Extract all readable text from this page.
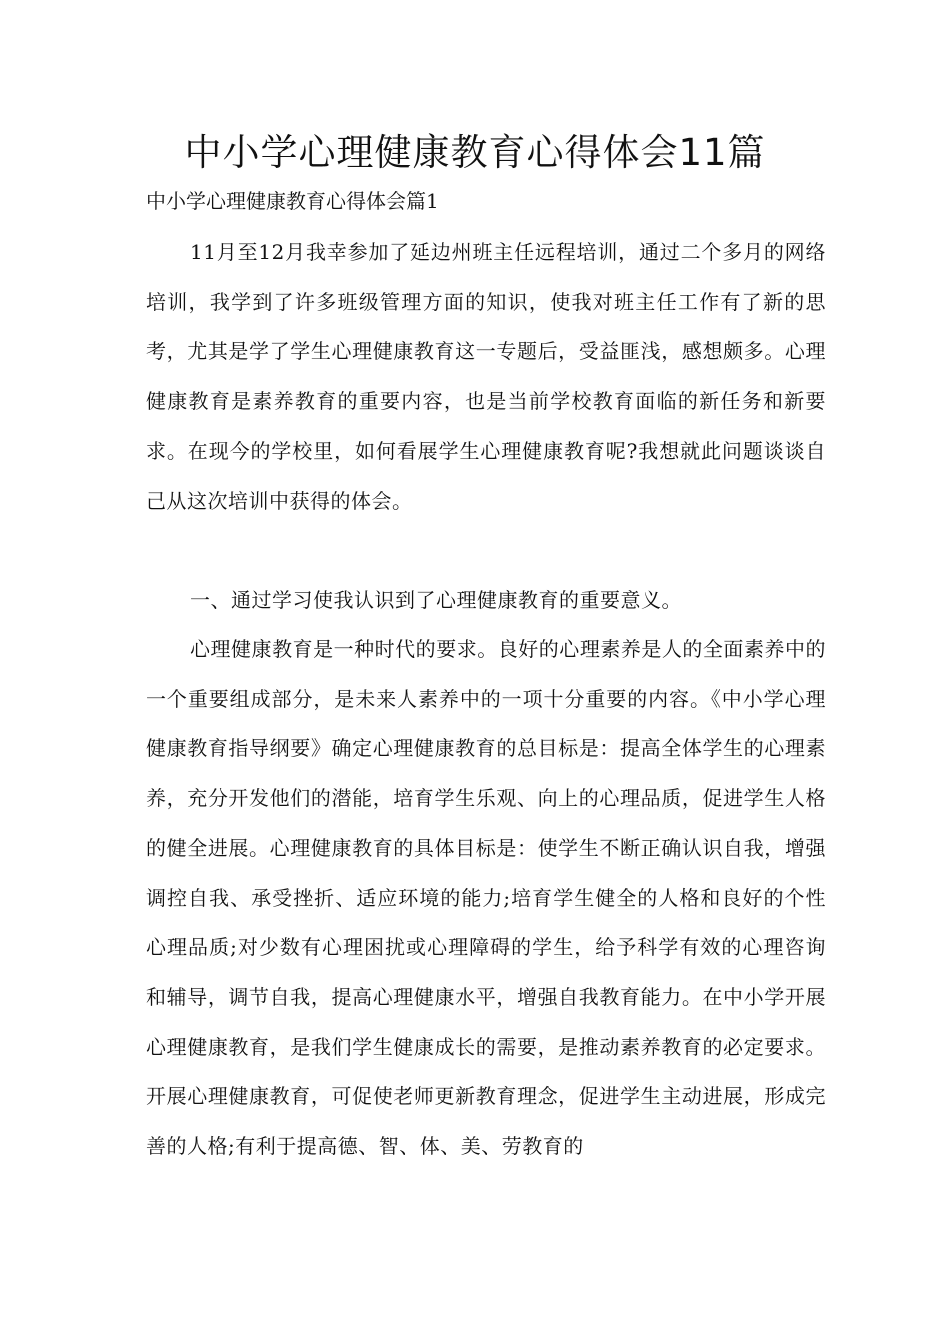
中小学心理健康教育心得体会11篇

中小学心理健康教育心得体会篇1

11月至12月我幸参加了延边州班主任远程培训，通过二个多月的网络培训，我学到了许多班级管理方面的知识，使我对班主任工作有了新的思考，尤其是学了学生心理健康教育这一专题后，受益匪浅，感想颇多。心理健康教育是素养教育的重要内容，也是当前学校教育面临的新任务和新要求。在现今的学校里，如何看展学生心理健康教育呢?我想就此问题谈谈自己从这次培训中获得的体会。

一、通过学习使我认识到了心理健康教育的重要意义。

心理健康教育是一种时代的要求。良好的心理素养是人的全面素养中的一个重要组成部分，是未来人素养中的一项十分重要的内容。《中小学心理健康教育指导纲要》确定心理健康教育的总目标是：提高全体学生的心理素养，充分开发他们的潜能，培育学生乐观、向上的心理品质，促进学生人格的健全进展。心理健康教育的具体目标是：使学生不断正确认识自我，增强调控自我、承受挫折、适应环境的能力;培育学生健全的人格和良好的个性心理品质;对少数有心理困扰或心理障碍的学生，给予科学有效的心理咨询和辅导，调节自我，提高心理健康水平，增强自我教育能力。在中小学开展心理健康教育，是我们学生健康成长的需要，是推动素养教育的必定要求。开展心理健康教育，可促使老师更新教育理念，促进学生主动进展，形成完善的人格;有利于提高德、智、体、美、劳教育的
